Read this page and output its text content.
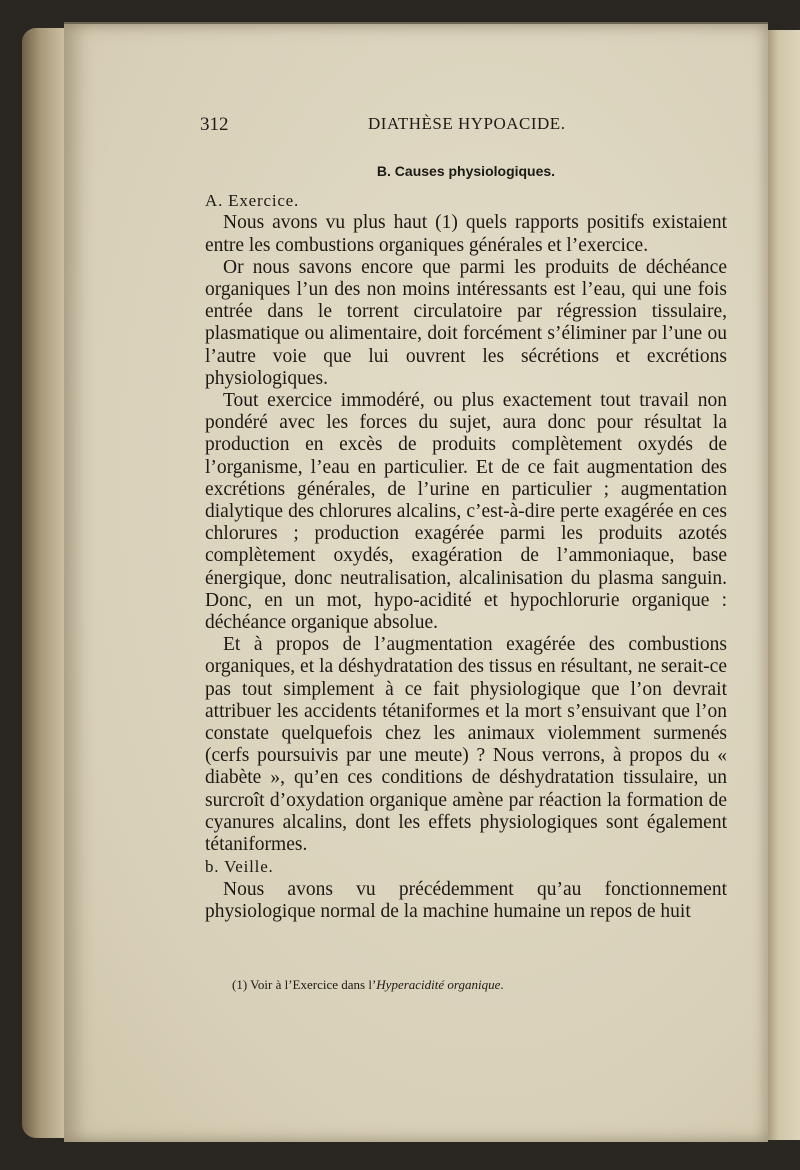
312	DIATHÈSE HYPOACIDE.

B. Causes physiologiques.

A. Exercice.

Nous avons vu plus haut (1) quels rapports positifs existaient entre les combustions organiques générales et l’exercice.

Or nous savons encore que parmi les produits de déchéance organiques l’un des non moins intéressants est l’eau, qui une fois entrée dans le torrent circulatoire par régression tissulaire, plasmatique ou alimentaire, doit forcément s’éliminer par l’une ou l’autre voie que lui ouvrent les sécrétions et excrétions physiologiques.

Tout exercice immodéré, ou plus exactement tout travail non pondéré avec les forces du sujet, aura donc pour résultat la production en excès de produits complètement oxydés de l’organisme, l’eau en particulier. Et de ce fait augmentation des excrétions générales, de l’urine en particulier ; augmentation dialytique des chlorures alcalins, c’est-à-dire perte exagérée en ces chlorures ; production exagérée parmi les produits azotés complètement oxydés, exagération de l’ammoniaque, base énergique, donc neutralisation, alcalinisation du plasma sanguin. Donc, en un mot, hypo-acidité et hypochlorurie organique : déchéance organique absolue.

Et à propos de l’augmentation exagérée des combustions organiques, et la déshydratation des tissus en résultant, ne serait-ce pas tout simplement à ce fait physiologique que l’on devrait attribuer les accidents tétaniformes et la mort s’ensuivant que l’on constate quelquefois chez les animaux violemment surmenés (cerfs poursuivis par une meute) ? Nous verrons, à propos du « diabète », qu’en ces conditions de déshydratation tissulaire, un surcroît d’oxydation organique amène par réaction la formation de cyanures alcalins, dont les effets physiologiques sont également tétaniformes.

b. Veille.

Nous avons vu précédemment qu’au fonctionnement physiologique normal de la machine humaine un repos de huit

(1) Voir à l’Exercice dans l’Hyperacidité organique.
